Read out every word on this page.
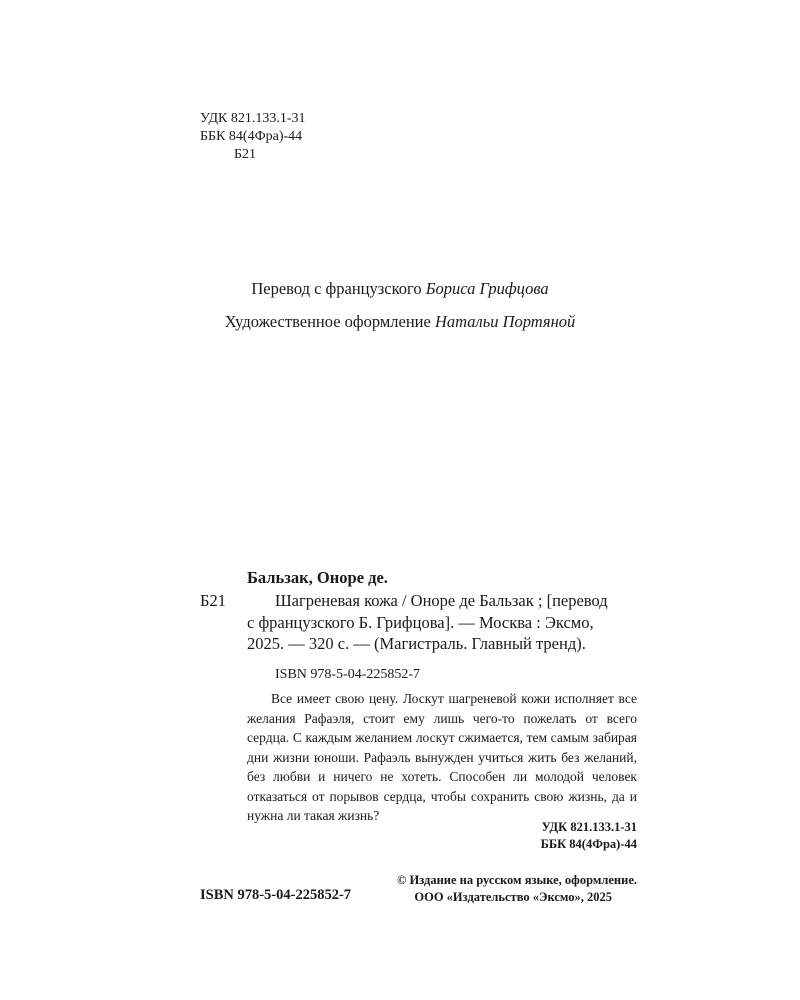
УДК 821.133.1-31
ББК 84(4Фра)-44
Б21
Перевод с французского Бориса Грифцова
Художественное оформление Натальи Портяной
Бальзак, Оноре де.
Б21	Шагреневая кожа / Оноре де Бальзак ; [перевод
с французского Б. Грифцова]. — Москва : Эксмо,
2025. — 320 с. — (Магистраль. Главный тренд).
ISBN 978-5-04-225852-7
Все имеет свою цену. Лоскут шагреневой кожи исполняет все желания Рафаэля, стоит ему лишь чего-то пожелать от всего сердца. С каждым желанием лоскут сжимается, тем самым забирая дни жизни юноши. Рафаэль вынужден учиться жить без желаний, без любви и ничего не хотеть. Способен ли молодой человек отказаться от порывов сердца, чтобы сохранить свою жизнь, да и нужна ли такая жизнь?
УДК 821.133.1-31
ББК 84(4Фра)-44
ISBN 978-5-04-225852-7
© Издание на русском языке, оформление.
ООО «Издательство «Эксмо», 2025
